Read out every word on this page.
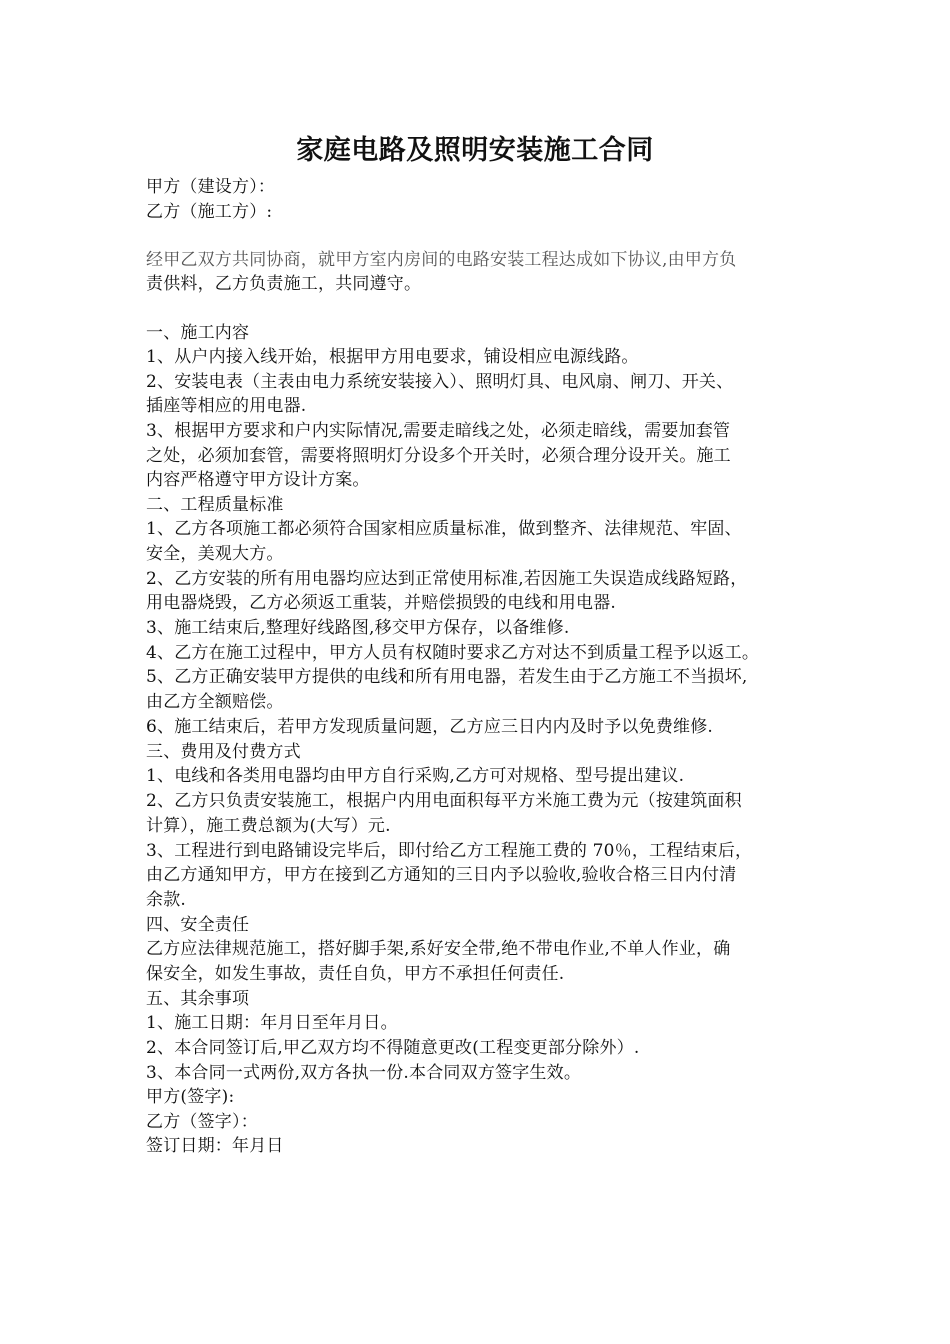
家庭电路及照明安装施工合同
甲方（建设方）：
乙方（施工方）:
经甲乙双方共同协商，就甲方室内房间的电路安装工程达成如下协议,由甲方负
责供料，乙方负责施工，共同遵守。
一、施工内容
1、从户内接入线开始，根据甲方用电要求，铺设相应电源线路。
2、安装电表（主表由电力系统安装接入）、照明灯具、电风扇、闸刀、开关、
插座等相应的用电器.
3、根据甲方要求和户内实际情况,需要走暗线之处，必须走暗线，需要加套管
之处，必须加套管，需要将照明灯分设多个开关时，必须合理分设开关。施工
内容严格遵守甲方设计方案。
二、工程质量标准
1、乙方各项施工都必须符合国家相应质量标准，做到整齐、法律规范、牢固、
安全，美观大方。
2、乙方安装的所有用电器均应达到正常使用标准,若因施工失误造成线路短路，
用电器烧毁，乙方必须返工重装，并赔偿损毁的电线和用电器.
3、施工结束后,整理好线路图,移交甲方保存，以备维修.
4、乙方在施工过程中，甲方人员有权随时要求乙方对达不到质量工程予以返工。
5、乙方正确安装甲方提供的电线和所有用电器，若发生由于乙方施工不当损坏,
由乙方全额赔偿。
6、施工结束后，若甲方发现质量问题，乙方应三日内内及时予以免费维修.
三、费用及付费方式
1、电线和各类用电器均由甲方自行采购,乙方可对规格、型号提出建议.
2、乙方只负责安装施工，根据户内用电面积每平方米施工费为元（按建筑面积
计算），施工费总额为(大写）元.
3、工程进行到电路铺设完毕后，即付给乙方工程施工费的 70％，工程结束后，
由乙方通知甲方，甲方在接到乙方通知的三日内予以验收,验收合格三日内付清
余款.
四、安全责任
乙方应法律规范施工，搭好脚手架,系好安全带,绝不带电作业,不单人作业，确
保安全，如发生事故，责任自负，甲方不承担任何责任.
五、其余事项
1、施工日期：年月日至年月日。
2、本合同签订后,甲乙双方均不得随意更改(工程变更部分除外）.
3、本合同一式两份,双方各执一份.本合同双方签字生效。
甲方(签字):
乙方（签字）：
签订日期：年月日
